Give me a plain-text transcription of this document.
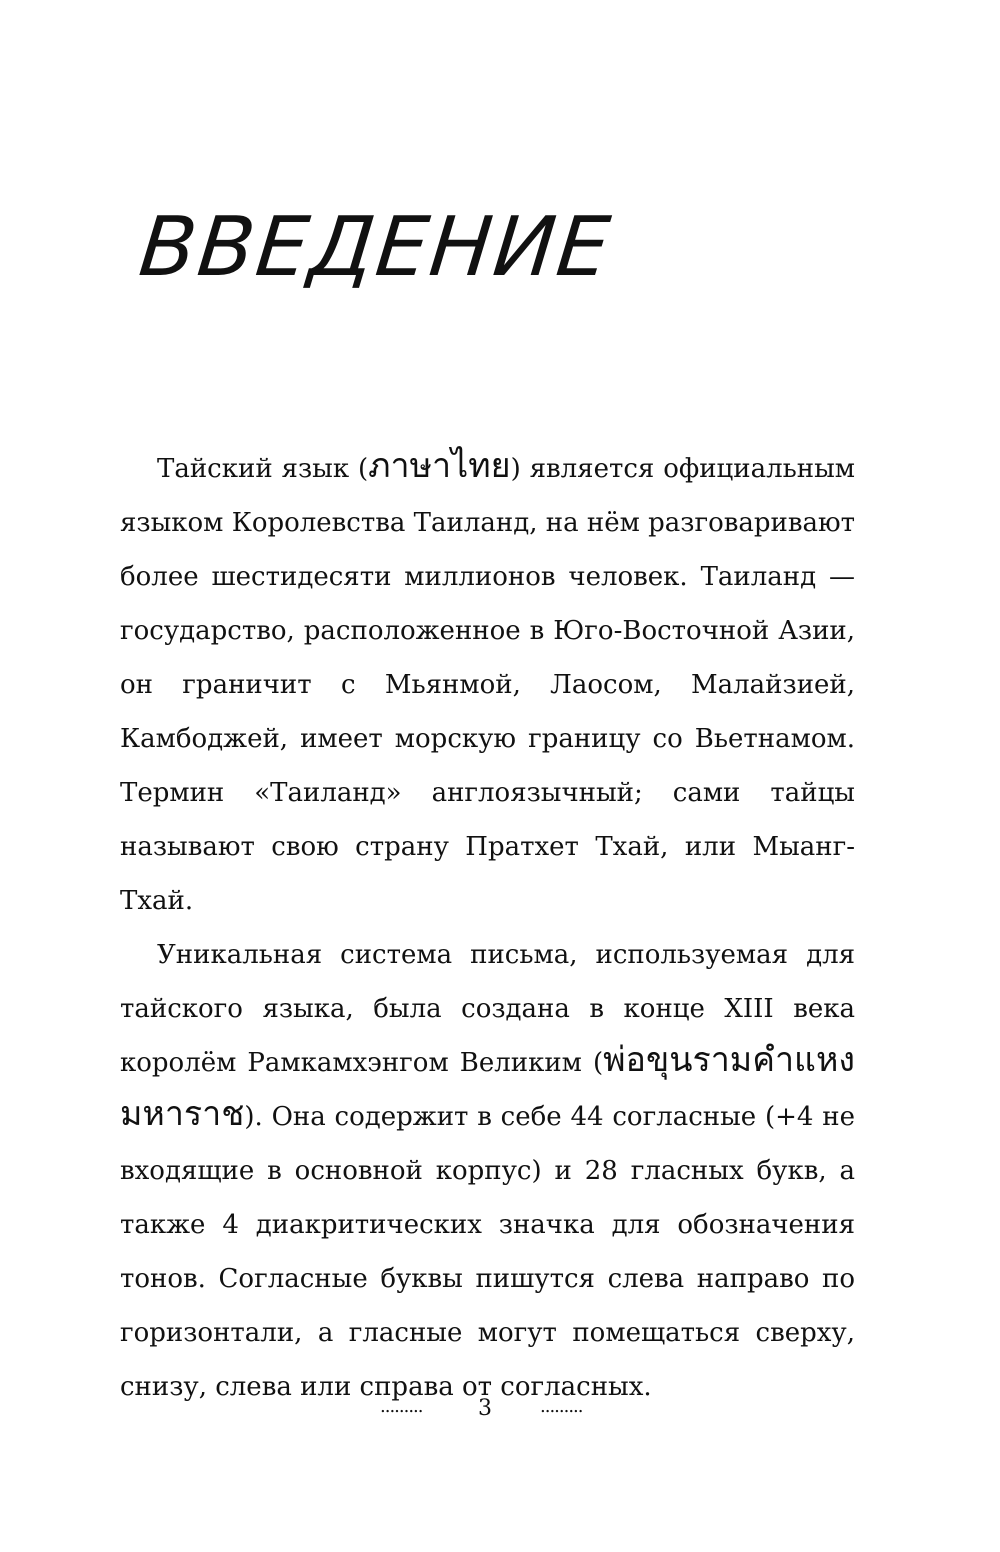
ВВЕДЕНИЕ

Тайский язык (ภาษาไทย) является официальным языком Королевства Таиланд, на нём разговаривают более шестидесяти миллионов человек. Таиланд — государство, расположенное в Юго-Восточной Азии, он граничит с Мьянмой, Лаосом, Малайзией, Камбоджей, имеет морскую границу со Вьетнамом. Термин «Таиланд» англоязычный; сами тайцы называют свою страну Пратхет Тхай, или Мыанг-Тхай.

Уникальная система письма, используемая для тайского языка, была создана в конце XIII века королём Рамкамхэнгом Великим (พ่อขุนรามคำแหงมหาราช). Она содержит в себе 44 согласные (+4 не входящие в основной корпус) и 28 гласных букв, а также 4 диакритических значка для обозначения тонов. Согласные буквы пишутся слева направо по горизонтали, а гласные могут помещаться сверху, снизу, слева или справа от согласных.

.........	3	.........
